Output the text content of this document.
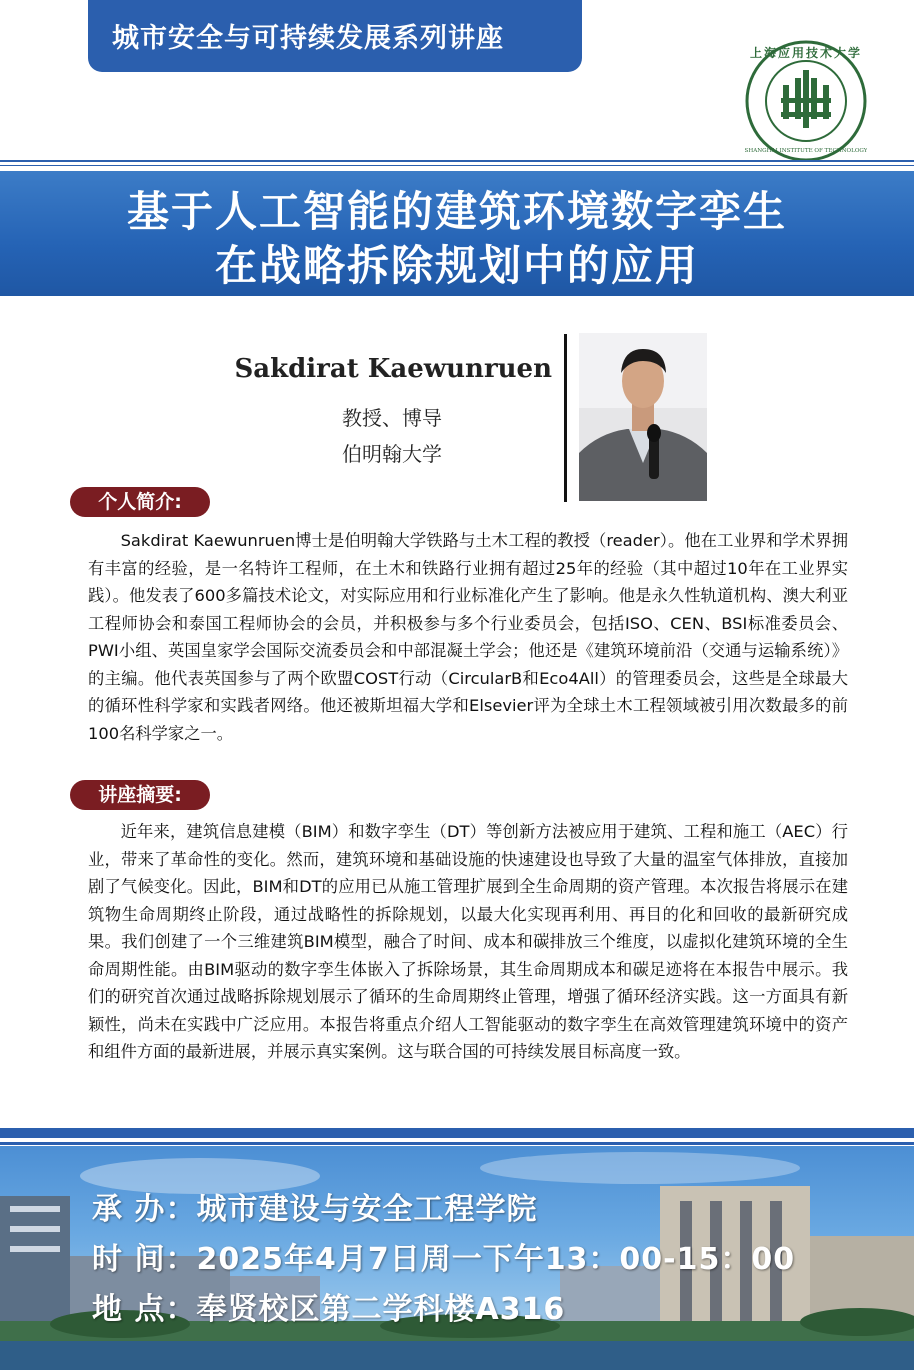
城市安全与可持续发展系列讲座	上海应用技术大学
SHANGHAI INSTITUTE OF TECHNOLOGY
基于人工智能的建筑环境数字孪生
在战略拆除规划中的应用
Sakdirat Kaewunruen
教授、博导
伯明翰大学
个人简介:

Sakdirat Kaewunruen博士是伯明翰大学铁路与土木工程的教授（reader）。他在工业界和学术界拥有丰富的经验，是一名特许工程师，在土木和铁路行业拥有超过25年的经验（其中超过10年在工业界实践）。他发表了600多篇技术论文，对实际应用和行业标准化产生了影响。他是永久性轨道机构、澳大利亚工程师协会和泰国工程师协会的会员，并积极参与多个行业委员会，包括ISO、CEN、BSI标准委员会、PWI小组、英国皇家学会国际交流委员会和中部混凝土学会；他还是《建筑环境前沿（交通与运输系统）》的主编。他代表英国参与了两个欧盟COST行动（CircularB和Eco4All）的管理委员会，这些是全球最大的循环性科学家和实践者网络。他还被斯坦福大学和Elsevier评为全球土木工程领域被引用次数最多的前100名科学家之一。

讲座摘要:

近年来，建筑信息建模（BIM）和数字孪生（DT）等创新方法被应用于建筑、工程和施工（AEC）行业，带来了革命性的变化。然而，建筑环境和基础设施的快速建设也导致了大量的温室气体排放，直接加剧了气候变化。因此，BIM和DT的应用已从施工管理扩展到全生命周期的资产管理。本次报告将展示在建筑物生命周期终止阶段，通过战略性的拆除规划，以最大化实现再利用、再目的化和回收的最新研究成果。我们创建了一个三维建筑BIM模型，融合了时间、成本和碳排放三个维度，以虚拟化建筑环境的全生命周期性能。由BIM驱动的数字孪生体嵌入了拆除场景，其生命周期成本和碳足迹将在本报告中展示。我们的研究首次通过战略拆除规划展示了循环的生命周期终止管理，增强了循环经济实践。这一方面具有新颖性，尚未在实践中广泛应用。本报告将重点介绍人工智能驱动的数字孪生在高效管理建筑环境中的资产和组件方面的最新进展，并展示真实案例。这与联合国的可持续发展目标高度一致。

承 办：城市建设与安全工程学院
时 间：2025年4月7日周一下午13：00-15：00
地 点：奉贤校区第二学科楼A316
